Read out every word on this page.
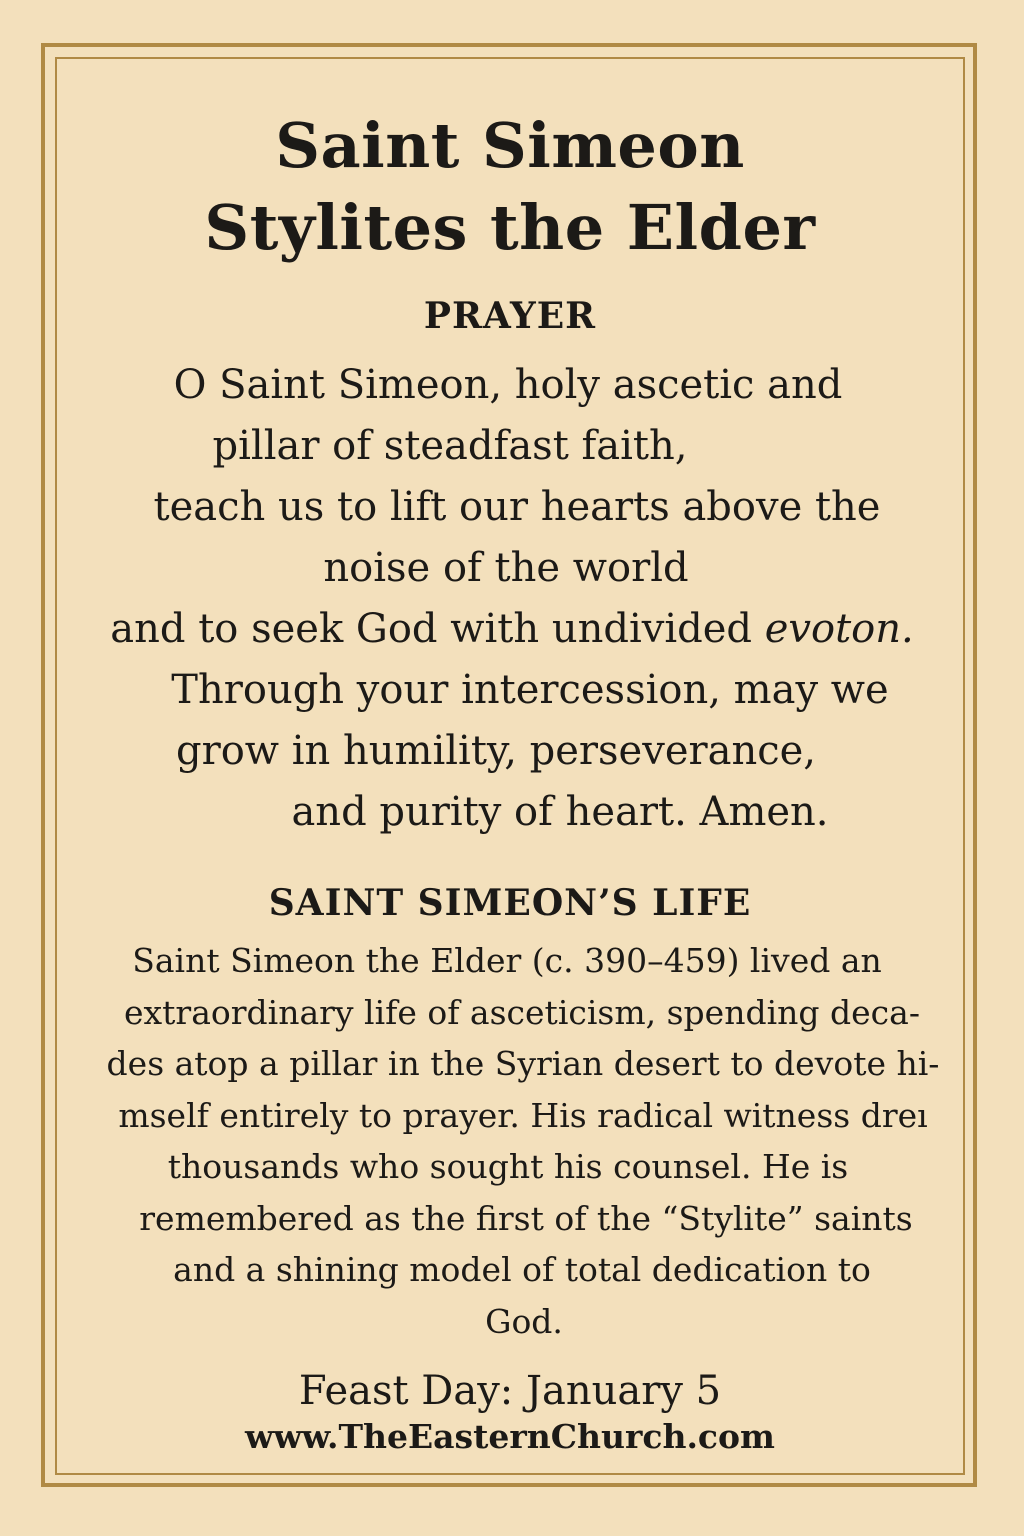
Saint Simeon
Stylites the Elder
PRAYER
O Saint Simeon, holy ascetic and
pillar of steadfast faith,
teach us to lift our hearts above the
noise of the world
and to seek God with undivided evoton.
Through your intercession, may we
grow in humility, perseverance,
and purity of heart. Amen.
SAINT SIMEON’S LIFE
Saint Simeon the Elder (c. 390–459) lived an
extraordinary life of asceticism, spending deca-
des atop a pillar in the Syrian desert to devote hi-
mself entirely to prayer. His radical witness dreı
thousands who sought his counsel. He is
remembered as the first of the “Stylite” saints
and a shining model of total dedication to
God.
Feast Day: January 5
www.TheEasternChurch.com
